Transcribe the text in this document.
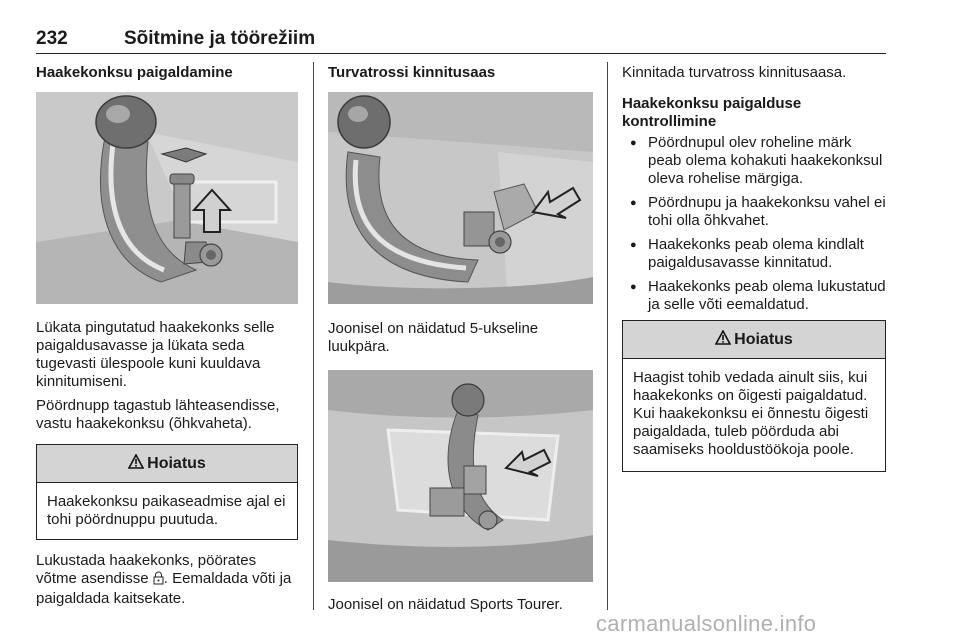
232	Sõitmine ja töörežiim
Haakekonksu paigaldamine

Lükata pingutatud haakekonks selle paigaldusavasse ja lükata seda tugevasti ülespoole kuni kuuldava kinnitumiseni.

Pöördnupp tagastub lähteasendisse, vastu haakekonksu (õhkvaheta).

Hoiatus
Haakekonksu paikaseadmise ajal ei tohi pöördnuppu puutuda.

Lukustada haakekonks, pöörates võtme asendisse . Eemaldada võti ja paigaldada kaitsekate.

Turvatrossi kinnitusaas

Joonisel on näidatud 5-ukseline luukpära.

Joonisel on näidatud Sports Tourer.

Kinnitada turvatross kinnitusaasa.

Haakekonksu paigalduse kontrollimine
● Pöördnupul olev roheline märk peab olema kohakuti haakekonksul oleva rohelise märgiga.
● Pöördnupu ja haakekonksu vahel ei tohi olla õhkvahet.
● Haakekonks peab olema kindlalt paigaldusavasse kinnitatud.
● Haakekonks peab olema lukustatud ja selle võti eemaldatud.
Hoiatus
Haagist tohib vedada ainult siis, kui haakekonks on õigesti paigaldatud. Kui haakekonksu ei õnnestu õigesti paigaldada, tuleb pöörduda abi saamiseks hooldustöökoja poole.
carmanualsonline.info
